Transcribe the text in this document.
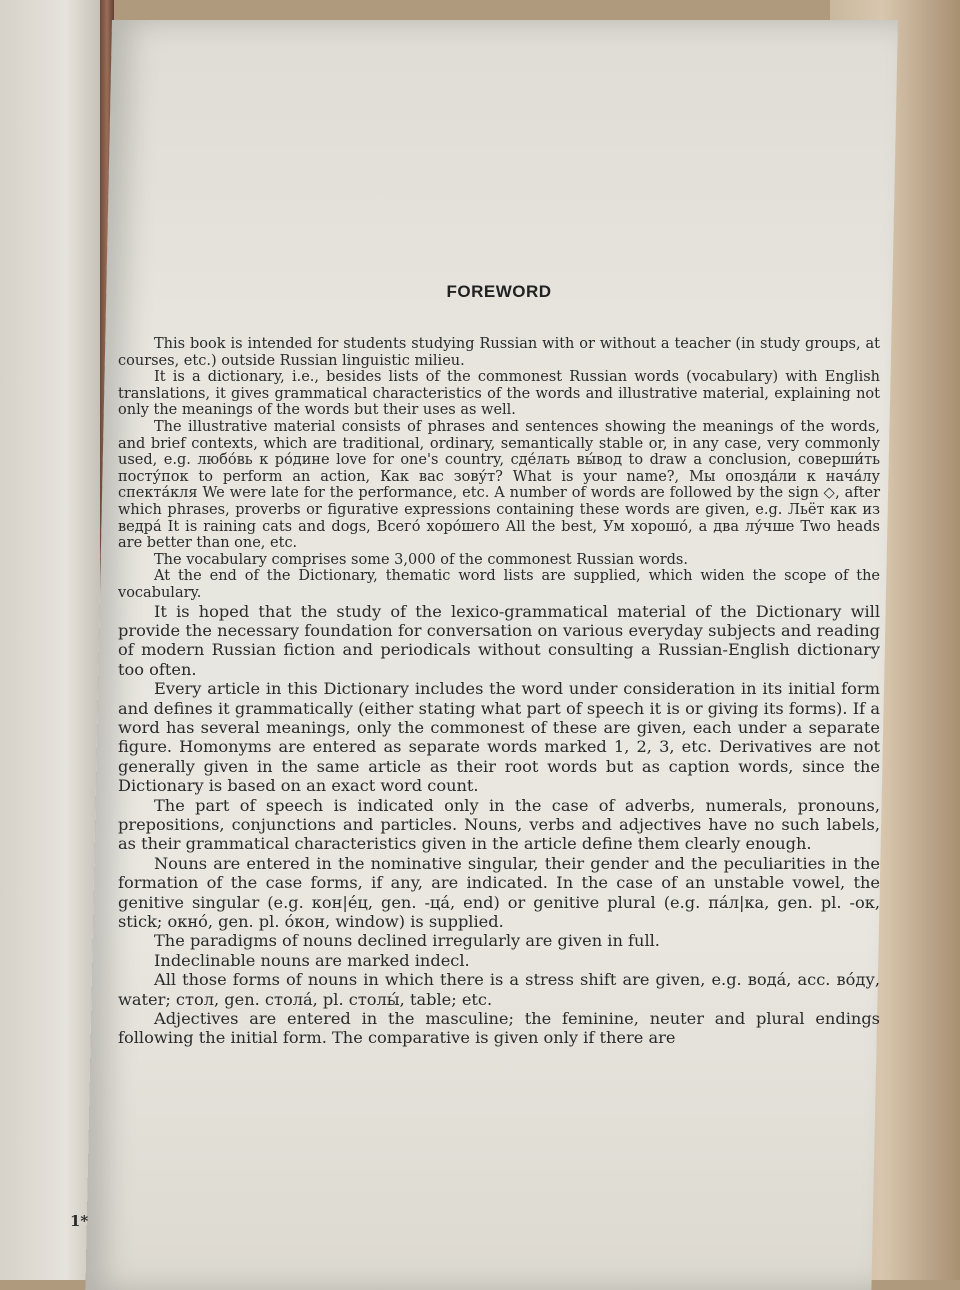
FOREWORD

This book is intended for students studying Russian with or without a teacher (in study groups, at courses, etc.) outside Russian linguistic milieu.

It is a dictionary, i.e., besides lists of the commonest Russian words (vocabulary) with English translations, it gives grammatical characteristics of the words and illustrative material, explaining not only the meanings of the words but their uses as well.

The illustrative material consists of phrases and sentences showing the meanings of the words, and brief contexts, which are traditional, ordinary, semantically stable or, in any case, very commonly used, e.g. любо́вь к ро́дине love for one's country, сде́лать вы́вод to draw a conclusion, соверши́ть посту́пок to perform an action, Как вас зову́т? What is your name?, Мы опозда́ли к нача́лу спекта́кля We were late for the performance, etc. A number of words are followed by the sign ◇, after which phrases, proverbs or figurative expressions containing these words are given, e.g. Льёт как из ведра́ It is raining cats and dogs, Всего́ хоро́шего All the best, Ум хорошо́, а два лу́чше Two heads are better than one, etc.

The vocabulary comprises some 3,000 of the commonest Russian words.

At the end of the Dictionary, thematic word lists are supplied, which widen the scope of the vocabulary.

It is hoped that the study of the lexico-grammatical material of the Dictionary will provide the necessary foundation for conversation on various everyday subjects and reading of modern Russian fiction and periodicals without consulting a Russian-English dictionary too often.

Every article in this Dictionary includes the word under consideration in its initial form and defines it grammatically (either stating what part of speech it is or giving its forms). If a word has several meanings, only the commonest of these are given, each under a separate figure. Homonyms are entered as separate words marked 1, 2, 3, etc. Derivatives are not generally given in the same article as their root words but as caption words, since the Dictionary is based on an exact word count.

The part of speech is indicated only in the case of adverbs, numerals, pronouns, prepositions, conjunctions and particles. Nouns, verbs and adjectives have no such labels, as their grammatical characteristics given in the article define them clearly enough.

Nouns are entered in the nominative singular, their gender and the peculiarities in the formation of the case forms, if any, are indicated. In the case of an unstable vowel, the genitive singular (e.g. кон|е́ц, gen. -ца́, end) or genitive plural (e.g. па́л|ка, gen. pl. -ок, stick; окно́, gen. pl. о́кон, window) is supplied.

The paradigms of nouns declined irregularly are given in full.

Indeclinable nouns are marked indecl.

All those forms of nouns in which there is a stress shift are given, e.g. вода́, acc. во́ду, water; стол, gen. стола́, pl. столы́, table; etc.

Adjectives are entered in the masculine; the feminine, neuter and plural endings following the initial form. The comparative is given only if there are

1*
